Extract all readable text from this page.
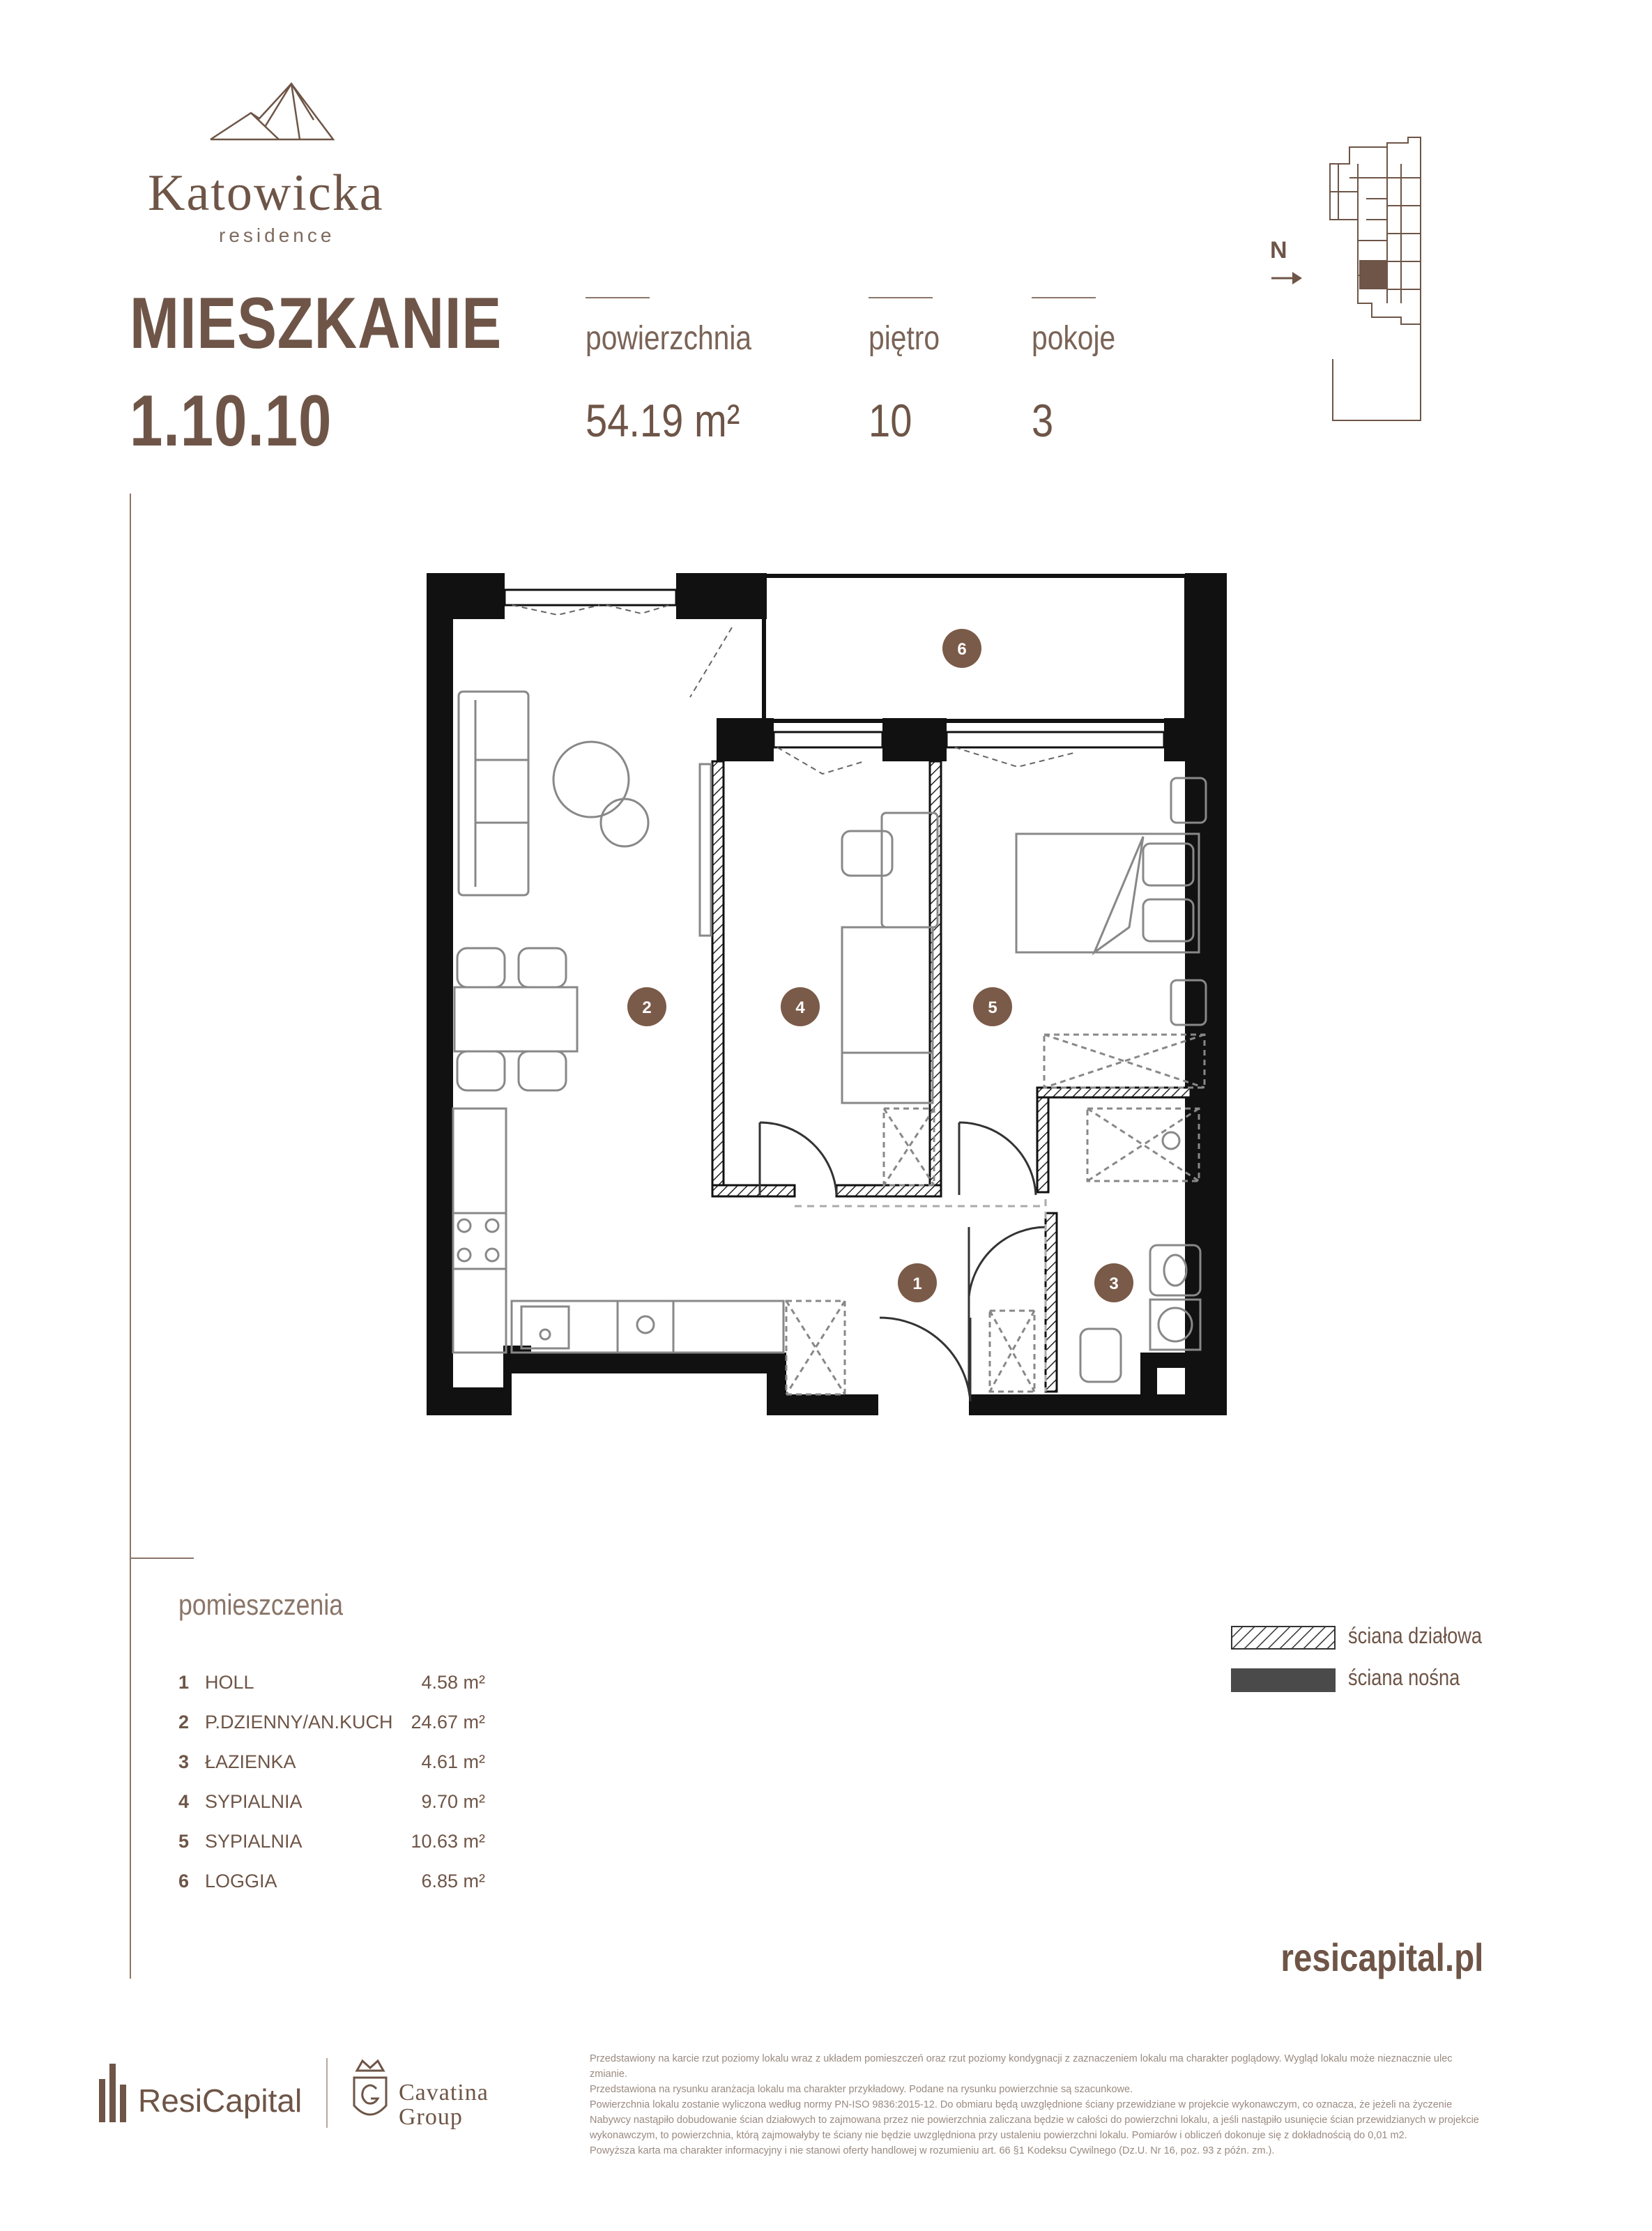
Katowicka
residence
MIESZKANIE
1.10.10
powierzchnia
54.19 m²
piętro
10
pokoje
3
N
1
2
3
4	5
6
pomieszczenia
1 HOLL	4.58 m²
2 P.DZIENNY/AN.KUCH 24.67 m²
3 ŁAZIENKA	4.61 m²
4 SYPIALNIA	9.70 m²
5 SYPIALNIA	10.63 m²
6 LOGGIA	6.85 m²
ściana działowa
ściana nośna
resicapital.pl
ResiCapital	Cavatina
Group
Przedstawiony na karcie rzut poziomy lokalu wraz z układem pomieszczeń oraz rzut poziomy kondygnacji z zaznaczeniem lokalu ma charakter poglądowy. Wygląd lokalu może nieznacznie ulec zmianie.
Przedstawiona na rysunku aranżacja lokalu ma charakter przykładowy. Podane na rysunku powierzchnie są szacunkowe.
Powierzchnia lokalu zostanie wyliczona według normy PN-ISO 9836:2015-12. Do obmiaru będą uwzględnione ściany przewidziane w projekcie wykonawczym, co oznacza, że jeżeli na życzenie
Nabywcy nastąpiło dobudowanie ścian działowych to zajmowana przez nie powierzchnia zaliczana będzie w całości do powierzchni lokalu, a jeśli nastąpiło usunięcie ścian przewidzianych w projekcie
wykonawczym, to powierzchnia, którą zajmowałyby te ściany nie będzie uwzględniona przy ustaleniu powierzchni lokalu. Pomiarów i obliczeń dokonuje się z dokładnością do 0,01 m2.
Powyższa karta ma charakter informacyjny i nie stanowi oferty handlowej w rozumieniu art. 66 §1 Kodeksu Cywilnego (Dz.U. Nr 16, poz. 93 z późn. zm.).
